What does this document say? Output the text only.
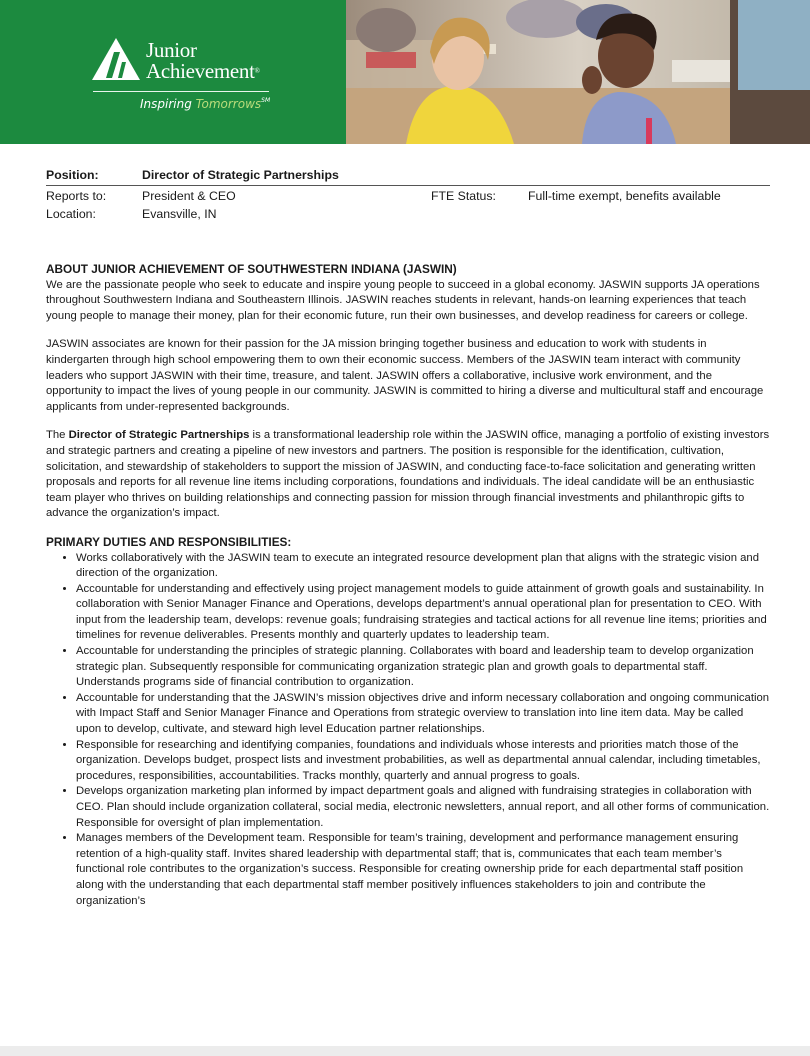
Junior
Achievement®
Inspiring Tomorrows℠
Position:	Director of Strategic Partnerships
Reports to:	President & CEO	FTE Status:	Full-time exempt, benefits available
Location:	Evansville, IN

ABOUT JUNIOR ACHIEVEMENT OF SOUTHWESTERN INDIANA (JASWIN)

We are the passionate people who seek to educate and inspire young people to succeed in a global economy. JASWIN supports JA operations throughout Southwestern Indiana and Southeastern Illinois. JASWIN reaches students in relevant, hands-on learning experiences that teach young people to manage their money, plan for their economic future, run their own businesses, and develop readiness for careers or college.

JASWIN associates are known for their passion for the JA mission bringing together business and education to work with students in kindergarten through high school empowering them to own their economic success. Members of the JASWIN team interact with community leaders who support JASWIN with their time, treasure, and talent. JASWIN offers a collaborative, inclusive work environment, and the opportunity to impact the lives of young people in our community. JASWIN is committed to hiring a diverse and multicultural staff and encourage applicants from under-represented backgrounds.

The Director of Strategic Partnerships is a transformational leadership role within the JASWIN office, managing a portfolio of existing investors and strategic partners and creating a pipeline of new investors and partners. The position is responsible for the identification, cultivation, solicitation, and stewardship of stakeholders to support the mission of JASWIN, and conducting face-to-face solicitation and generating written proposals and reports for all revenue line items including corporations, foundations and individuals. The ideal candidate will be an enthusiastic team player who thrives on building relationships and connecting passion for mission through financial investments and philanthropic gifts to advance the organization’s impact.

PRIMARY DUTIES AND RESPONSIBILITIES:

• Works collaboratively with the JASWIN team to execute an integrated resource development plan that aligns with the strategic vision and direction of the organization.
• Accountable for understanding and effectively using project management models to guide attainment of growth goals and sustainability. In collaboration with Senior Manager Finance and Operations, develops department’s annual operational plan for presentation to CEO. With input from the leadership team, develops: revenue goals; fundraising strategies and tactical actions for all revenue line items; priorities and timelines for revenue deliverables. Presents monthly and quarterly updates to leadership team.
• Accountable for understanding the principles of strategic planning. Collaborates with board and leadership team to develop organization strategic plan. Subsequently responsible for communicating organization strategic plan and growth goals to departmental staff. Understands programs side of financial contribution to organization.
• Accountable for understanding that the JASWIN’s mission objectives drive and inform necessary collaboration and ongoing communication with Impact Staff and Senior Manager Finance and Operations from strategic overview to translation into line item data. May be called upon to develop, cultivate, and steward high level Education partner relationships.
• Responsible for researching and identifying companies, foundations and individuals whose interests and priorities match those of the organization. Develops budget, prospect lists and investment probabilities, as well as departmental annual calendar, including timetables, procedures, responsibilities, accountabilities. Tracks monthly, quarterly and annual progress to goals.
• Develops organization marketing plan informed by impact department goals and aligned with fundraising strategies in collaboration with CEO. Plan should include organization collateral, social media, electronic newsletters, annual report, and all other forms of communication. Responsible for oversight of plan implementation.
• Manages members of the Development team. Responsible for team’s training, development and performance management ensuring retention of a high-quality staff. Invites shared leadership with departmental staff; that is, communicates that each team member’s functional role contributes to the organization’s success. Responsible for creating ownership pride for each departmental staff position along with the understanding that each departmental staff member positively influences stakeholders to join and contribute the organization’s
